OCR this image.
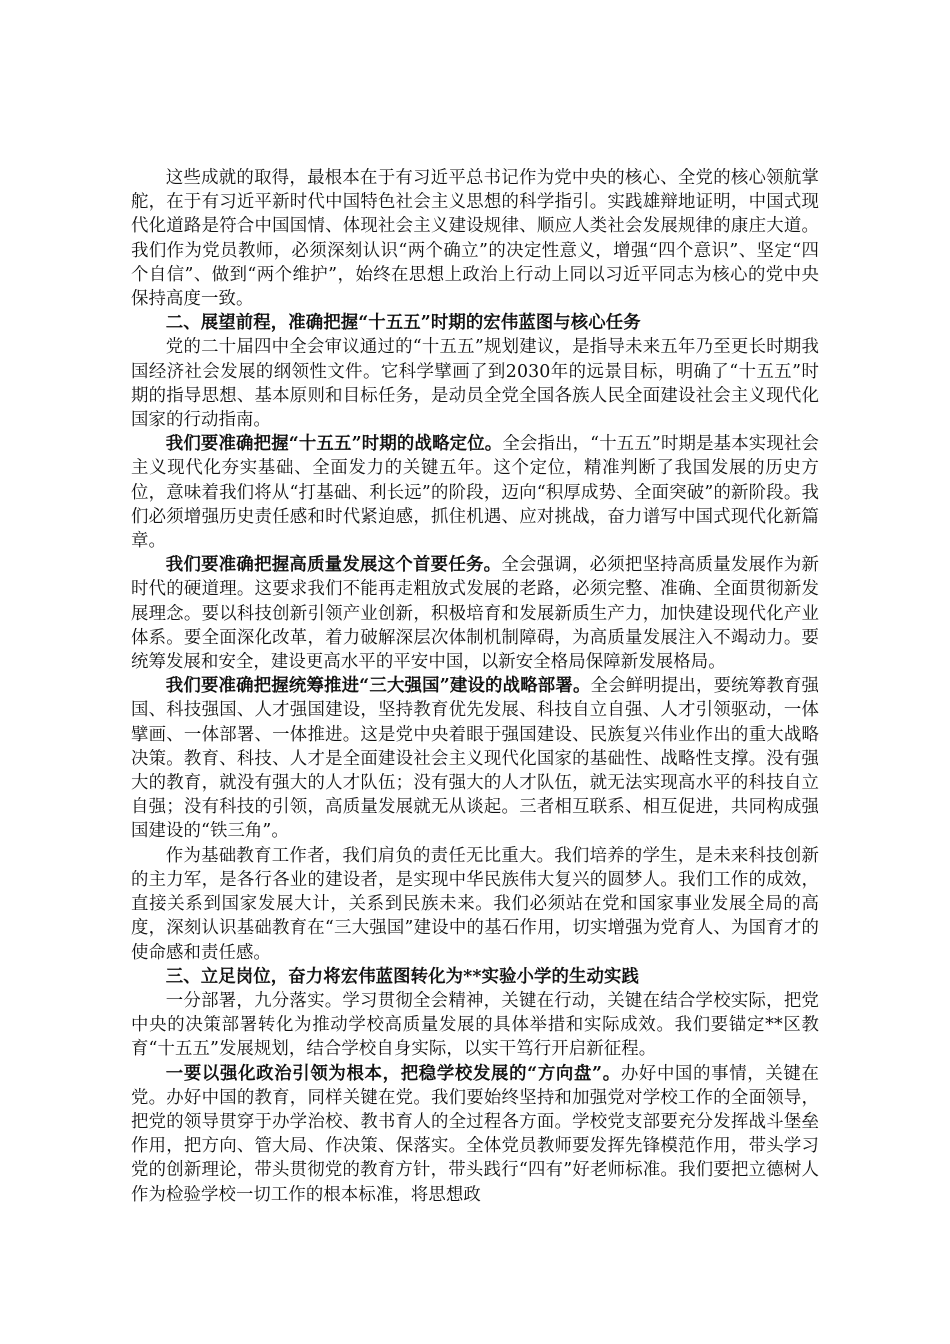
这些成就的取得，最根本在于有习近平总书记作为党中央的核心、全党的核心领航掌舵，在于有习近平新时代中国特色社会主义思想的科学指引。实践雄辩地证明，中国式现代化道路是符合中国国情、体现社会主义建设规律、顺应人类社会发展规律的康庄大道。我们作为党员教师，必须深刻认识“两个确立”的决定性意义，增强“四个意识”、坚定“四个自信”、做到“两个维护”，始终在思想上政治上行动上同以习近平同志为核心的党中央保持高度一致。

二、展望前程，准确把握“十五五”时期的宏伟蓝图与核心任务

党的二十届四中全会审议通过的“十五五”规划建议，是指导未来五年乃至更长时期我国经济社会发展的纲领性文件。它科学擘画了到2030年的远景目标，明确了“十五五”时期的指导思想、基本原则和目标任务，是动员全党全国各族人民全面建设社会主义现代化国家的行动指南。

我们要准确把握“十五五”时期的战略定位。全会指出，“十五五”时期是基本实现社会主义现代化夯实基础、全面发力的关键五年。这个定位，精准判断了我国发展的历史方位，意味着我们将从“打基础、利长远”的阶段，迈向“积厚成势、全面突破”的新阶段。我们必须增强历史责任感和时代紧迫感，抓住机遇、应对挑战，奋力谱写中国式现代化新篇章。

我们要准确把握高质量发展这个首要任务。全会强调，必须把坚持高质量发展作为新时代的硬道理。这要求我们不能再走粗放式发展的老路，必须完整、准确、全面贯彻新发展理念。要以科技创新引领产业创新，积极培育和发展新质生产力，加快建设现代化产业体系。要全面深化改革，着力破解深层次体制机制障碍，为高质量发展注入不竭动力。要统筹发展和安全，建设更高水平的平安中国，以新安全格局保障新发展格局。

我们要准确把握统筹推进“三大强国”建设的战略部署。全会鲜明提出，要统筹教育强国、科技强国、人才强国建设，坚持教育优先发展、科技自立自强、人才引领驱动，一体擘画、一体部署、一体推进。这是党中央着眼于强国建设、民族复兴伟业作出的重大战略决策。教育、科技、人才是全面建设社会主义现代化国家的基础性、战略性支撑。没有强大的教育，就没有强大的人才队伍；没有强大的人才队伍，就无法实现高水平的科技自立自强；没有科技的引领，高质量发展就无从谈起。三者相互联系、相互促进，共同构成强国建设的“铁三角”。

作为基础教育工作者，我们肩负的责任无比重大。我们培养的学生，是未来科技创新的主力军，是各行各业的建设者，是实现中华民族伟大复兴的圆梦人。我们工作的成效，直接关系到国家发展大计，关系到民族未来。我们必须站在党和国家事业发展全局的高度，深刻认识基础教育在“三大强国”建设中的基石作用，切实增强为党育人、为国育才的使命感和责任感。

三、立足岗位，奋力将宏伟蓝图转化为**实验小学的生动实践

一分部署，九分落实。学习贯彻全会精神，关键在行动，关键在结合学校实际，把党中央的决策部署转化为推动学校高质量发展的具体举措和实际成效。我们要锚定**区教育“十五五”发展规划，结合学校自身实际，以实干笃行开启新征程。

一要以强化政治引领为根本，把稳学校发展的“方向盘”。办好中国的事情，关键在党。办好中国的教育，同样关键在党。我们要始终坚持和加强党对学校工作的全面领导，把党的领导贯穿于办学治校、教书育人的全过程各方面。学校党支部要充分发挥战斗堡垒作用，把方向、管大局、作决策、保落实。全体党员教师要发挥先锋模范作用，带头学习党的创新理论，带头贯彻党的教育方针，带头践行“四有”好老师标准。我们要把立德树人作为检验学校一切工作的根本标准，将思想政
